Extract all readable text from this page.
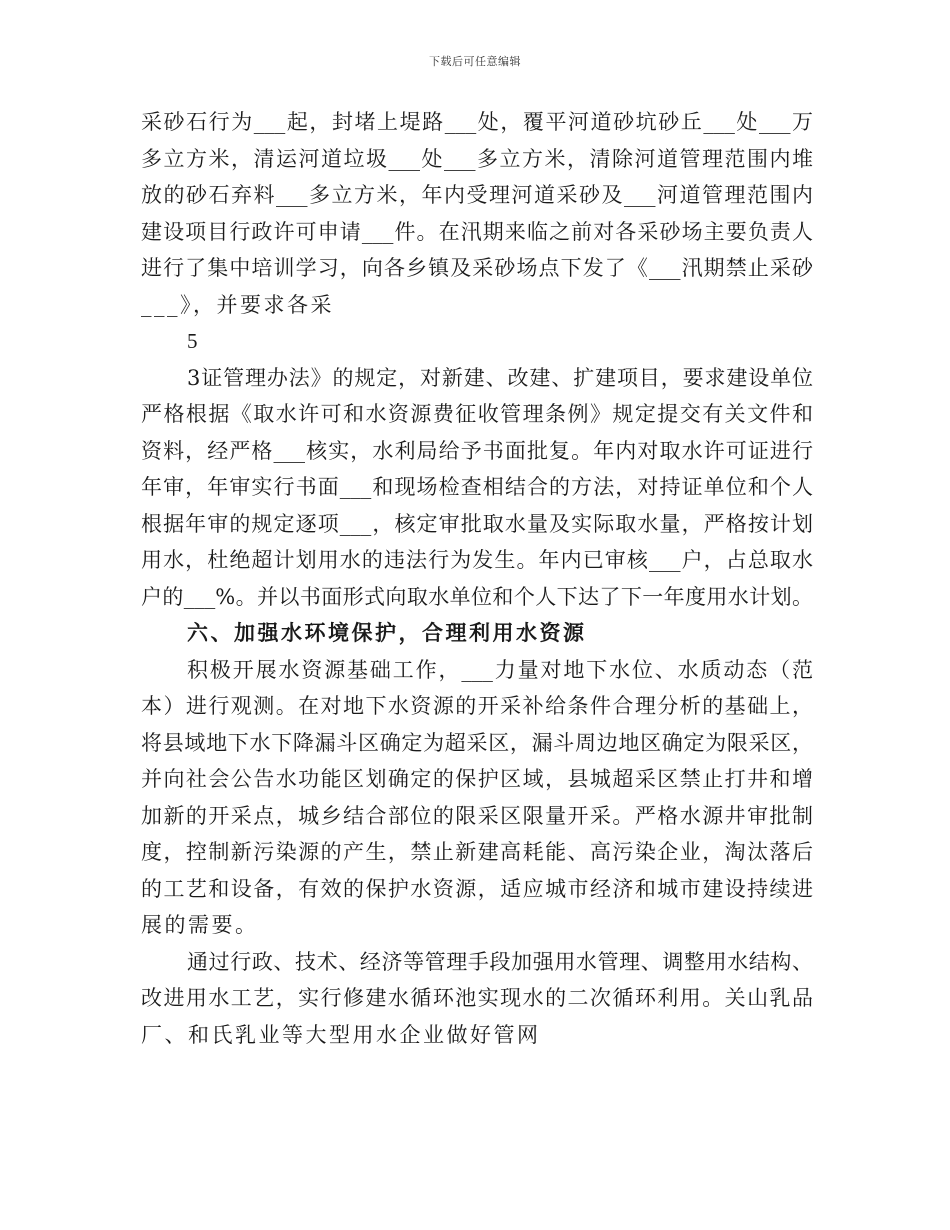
下载后可任意编辑
采砂石行为___起，封堵上堤路___处，覆平河道砂坑砂丘___处___万
多立方米，清运河道垃圾___处___多立方米，清除河道管理范围内堆
放的砂石弃料___多立方米，年内受理河道采砂及___河道管理范围内
建设项目行政许可申请___件。在汛期来临之前对各采砂场主要负责人
进行了集中培训学习，向各乡镇及采砂场点下发了《___汛期禁止采砂
___》，并要求各采
5
3证管理办法》的规定，对新建、改建、扩建项目，要求建设单位
严格根据《取水许可和水资源费征收管理条例》规定提交有关文件和
资料，经严格___核实，水利局给予书面批复。年内对取水许可证进行
年审，年审实行书面___和现场检查相结合的方法，对持证单位和个人
根据年审的规定逐项___，核定审批取水量及实际取水量，严格按计划
用水，杜绝超计划用水的违法行为发生。年内已审核___户，占总取水
户的___%。并以书面形式向取水单位和个人下达了下一年度用水计划。
六、加强水环境保护，合理利用水资源
积极开展水资源基础工作，___力量对地下水位、水质动态（范
本）进行观测。在对地下水资源的开采补给条件合理分析的基础上，
将县域地下水下降漏斗区确定为超采区，漏斗周边地区确定为限采区，
并向社会公告水功能区划确定的保护区域，县城超采区禁止打井和增
加新的开采点，城乡结合部位的限采区限量开采。严格水源井审批制
度，控制新污染源的产生，禁止新建高耗能、高污染企业，淘汰落后
的工艺和设备，有效的保护水资源，适应城市经济和城市建设持续进
展的需要。
通过行政、技术、经济等管理手段加强用水管理、调整用水结构、
改进用水工艺，实行修建水循环池实现水的二次循环利用。关山乳品
厂、和氏乳业等大型用水企业做好管网
